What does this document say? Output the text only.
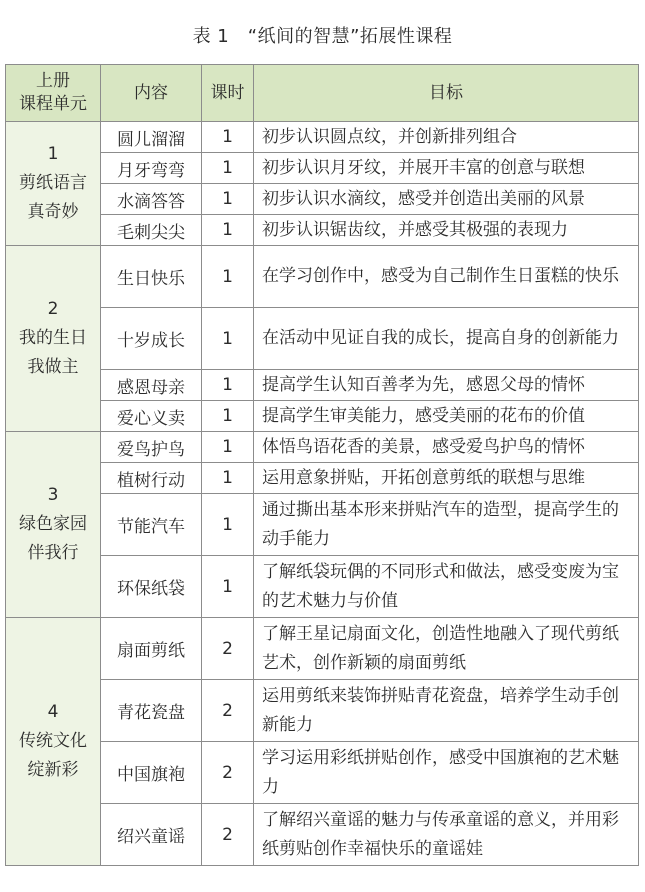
表 1　“纸间的智慧”拓展性课程
上册
课程单元	内容	课时	目标

1
剪纸语言
真奇妙	圆儿溜溜	1	初步认识圆点纹，并创新排列组合
	月牙弯弯	1	初步认识月牙纹，并展开丰富的创意与联想
	水滴答答	1	初步认识水滴纹，感受并创造出美丽的风景
	毛刺尖尖	1	初步认识锯齿纹，并感受其极强的表现力

2
我的生日
我做主	生日快乐	1	在学习创作中，感受为自己制作生日蛋糕的快乐
	十岁成长	1	在活动中见证自我的成长，提高自身的创新能力
	感恩母亲	1	提高学生认知百善孝为先，感恩父母的情怀
	爱心义卖	1	提高学生审美能力，感受美丽的花布的价值

3
绿色家园
伴我行	爱鸟护鸟	1	体悟鸟语花香的美景，感受爱鸟护鸟的情怀
	植树行动	1	运用意象拼贴，开拓创意剪纸的联想与思维
	节能汽车	1	通过撕出基本形来拼贴汽车的造型，提高学生的动手能力
	环保纸袋	1	了解纸袋玩偶的不同形式和做法，感受变废为宝的艺术魅力与价值

4
传统文化
绽新彩	扇面剪纸	2	了解王星记扇面文化，创造性地融入了现代剪纸艺术，创作新颖的扇面剪纸
	青花瓷盘	2	运用剪纸来装饰拼贴青花瓷盘，培养学生动手创新能力
	中国旗袍	2	学习运用彩纸拼贴创作，感受中国旗袍的艺术魅力
	绍兴童谣	2	了解绍兴童谣的魅力与传承童谣的意义，并用彩纸剪贴创作幸福快乐的童谣娃
